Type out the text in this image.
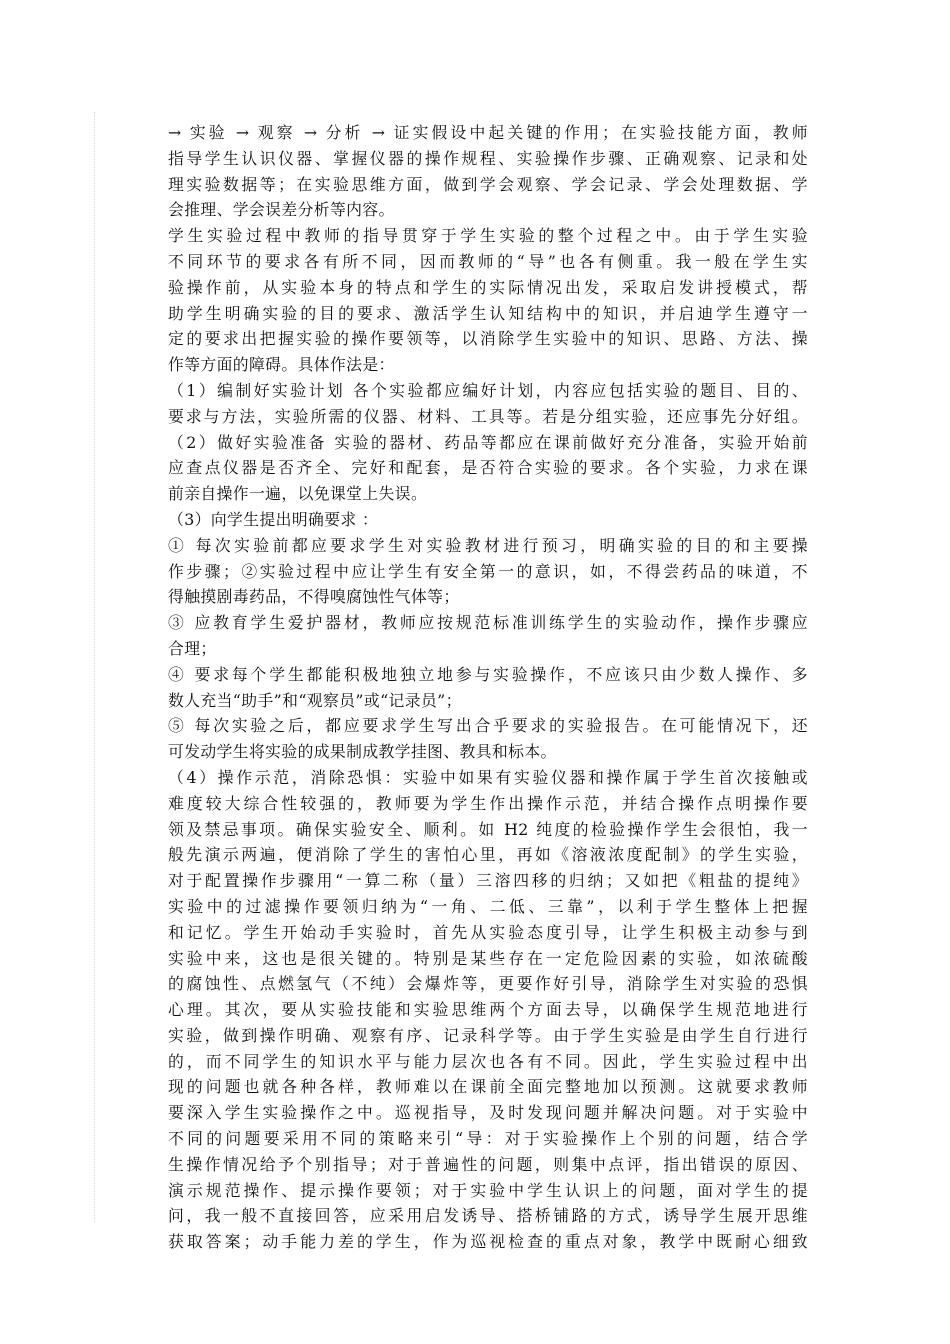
→ 实验 → 观察 → 分析 → 证实假设中起关键的作用；在实验技能方面，教师
指导学生认识仪器、掌握仪器的操作规程、实验操作步骤、正确观察、记录和处
理实验数据等；在实验思维方面，做到学会观察、学会记录、学会处理数据、学
会推理、学会误差分析等内容。
学生实验过程中教师的指导贯穿于学生实验的整个过程之中。由于学生实验
不同环节的要求各有所不同，因而教师的“导”也各有侧重。我一般在学生实
验操作前，从实验本身的特点和学生的实际情况出发，采取启发讲授模式，帮
助学生明确实验的目的要求、激活学生认知结构中的知识，并启迪学生遵守一
定的要求出把握实验的操作要领等，以消除学生实验中的知识、思路、方法、操
作等方面的障碍。具体作法是：
（1）编制好实验计划 各个实验都应编好计划，内容应包括实验的题目、目的、
要求与方法，实验所需的仪器、材料、工具等。若是分组实验，还应事先分好组。
（2）做好实验准备 实验的器材、药品等都应在课前做好充分准备，实验开始前
应查点仪器是否齐全、完好和配套，是否符合实验的要求。各个实验，力求在课
前亲自操作一遍，以免课堂上失误。
（3）向学生提出明确要求 ：
① 每次实验前都应要求学生对实验教材进行预习，明确实验的目的和主要操
作步骤；②实验过程中应让学生有安全第一的意识，如，不得尝药品的味道，不
得触摸剧毒药品，不得嗅腐蚀性气体等；
③ 应教育学生爱护器材，教师应按规范标准训练学生的实验动作，操作步骤应
合理；
④ 要求每个学生都能积极地独立地参与实验操作，不应该只由少数人操作、多
数人充当“助手”和“观察员”或“记录员”；
⑤ 每次实验之后，都应要求学生写出合乎要求的实验报告。在可能情况下，还
可发动学生将实验的成果制成教学挂图、教具和标本。
（4）操作示范，消除恐惧：实验中如果有实验仪器和操作属于学生首次接触或
难度较大综合性较强的，教师要为学生作出操作示范，并结合操作点明操作要
领及禁忌事项。确保实验安全、顺利。如 H2 纯度的检验操作学生会很怕，我一
般先演示两遍，便消除了学生的害怕心里，再如《溶液浓度配制》的学生实验，
对于配置操作步骤用“一算二称（量）三溶四移的归纳；又如把《粗盐的提纯》
实验中的过滤操作要领归纳为“一角、二低、三靠”，以利于学生整体上把握
和记忆。学生开始动手实验时，首先从实验态度引导，让学生积极主动参与到
实验中来，这也是很关键的。特别是某些存在一定危险因素的实验，如浓硫酸
的腐蚀性、点燃氢气（不纯）会爆炸等，更要作好引导，消除学生对实验的恐惧
心理。其次，要从实验技能和实验思维两个方面去导，以确保学生规范地进行
实验，做到操作明确、观察有序、记录科学等。由于学生实验是由学生自行进行
的，而不同学生的知识水平与能力层次也各有不同。因此，学生实验过程中出
现的问题也就各种各样，教师难以在课前全面完整地加以预测。这就要求教师
要深入学生实验操作之中。巡视指导，及时发现问题并解决问题。对于实验中
不同的问题要采用不同的策略来引“导：对于实验操作上个别的问题，结合学
生操作情况给予个别指导；对于普遍性的问题，则集中点评，指出错误的原因、
演示规范操作、提示操作要领；对于实验中学生认识上的问题，面对学生的提
问，我一般不直接回答，应采用启发诱导、搭桥铺路的方式，诱导学生展开思维
获取答案；动手能力差的学生，作为巡视检查的重点对象，教学中既耐心细致
